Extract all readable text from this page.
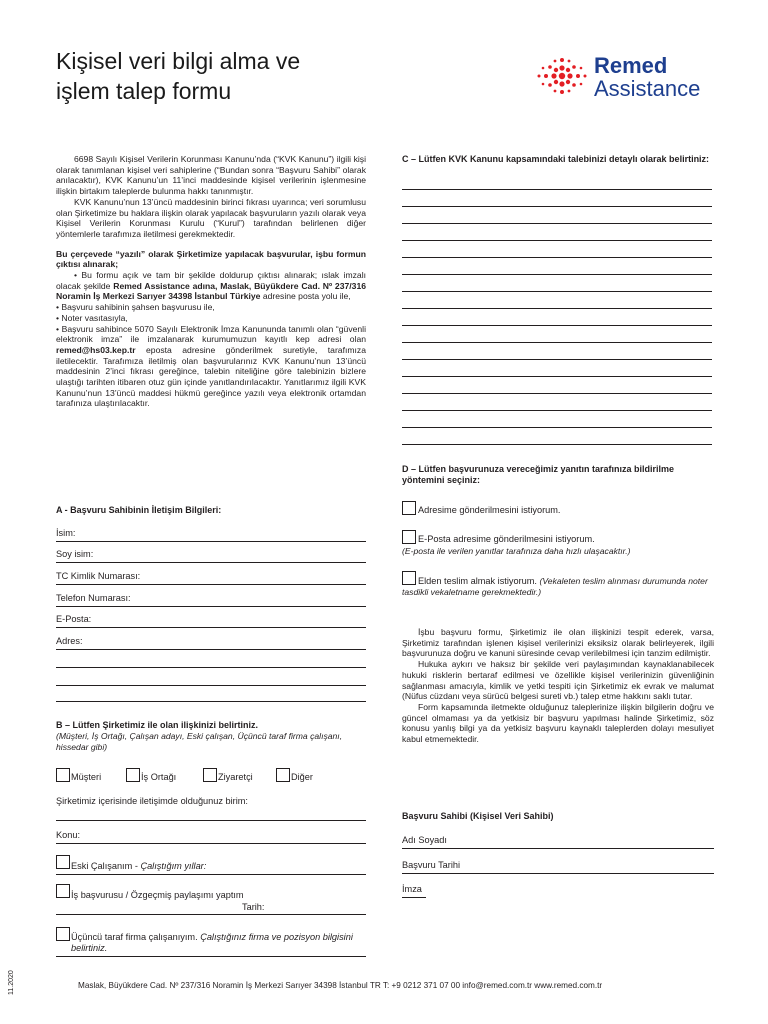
Kişisel veri bilgi alma ve
işlem talep formu
Remed
Assistance

6698 Sayılı Kişisel Verilerin Korunması Kanunu’nda (“KVK Kanunu”) ilgili kişi olarak tanımlanan kişisel veri sahiplerine (“Bundan sonra “Başvuru Sahibi” olarak anılacaktır), KVK Kanunu’un 11’inci maddesinde kişisel verilerinin işlenmesine ilişkin birtakım taleplerde bulunma hakkı tanınmıştır.

KVK Kanunu’nun 13’üncü maddesinin birinci fıkrası uyarınca; veri sorumlusu olan Şirketimize bu haklara ilişkin olarak yapılacak başvuruların yazılı olarak veya Kişisel Verilerin Korunması Kurulu (“Kurul”) tarafından belirlenen diğer yöntemlerle tarafımıza iletilmesi gerekmektedir.

Bu çerçevede “yazılı” olarak Şirketimize yapılacak başvurular, işbu formun çıktısı alınarak;

• Bu formu açık ve tam bir şekilde doldurup çıktısı alınarak; ıslak imzalı olacak şekilde Remed Assistance adına, Maslak, Büyükdere Cad. Nº 237/316 Noramin İş Merkezi Sarıyer 34398 İstanbul Türkiye adresine posta yolu ile,

• Başvuru sahibinin şahsen başvurusu ile,

• Noter vasıtasıyla,

• Başvuru sahibince 5070 Sayılı Elektronik İmza Kanununda tanımlı olan “güvenli elektronik imza” ile imzalanarak kurumumuzun kayıtlı kep adresi olan remed@hs03.kep.tr eposta adresine gönderilmek suretiyle, tarafımıza iletilecektir. Tarafımıza iletilmiş olan başvurularınız KVK Kanunu’nun 13’üncü maddesinin 2’inci fıkrası gereğince, talebin niteliğine göre talebinizin bizlere ulaştığı tarihten itibaren otuz gün içinde yanıtlandırılacaktır. Yanıtlarımız ilgili KVK Kanunu’nun 13’üncü maddesi hükmü gereğince yazılı veya elektronik ortamdan tarafınıza ulaştırılacaktır.

A - Başvuru Sahibinin İletişim Bilgileri:
İsim:
Soy isim:
TC Kimlik Numarası:
Telefon Numarası:
E-Posta:
Adres:
B – Lütfen Şirketimiz ile olan ilişkinizi belirtiniz.
(Müşteri, İş Ortağı, Çalışan adayı, Eski çalışan, Üçüncü taraf firma çalışanı, hissedar gibi)
Müşteri	İş Ortağı	Ziyaretçi	Diğer
Şirketimiz içerisinde iletişimde olduğunuz birim:
Konu:
Eski Çalışanım - Çalıştığım yıllar:
İş başvurusu / Özgeçmiş paylaşımı yaptım
Tarih:
Üçüncü taraf firma çalışanıyım. Çalıştığınız firma ve pozisyon bilgisini belirtiniz.
C – Lütfen KVK Kanunu kapsamındaki talebinizi detaylı olarak belirtiniz:
D – Lütfen başvurunuza vereceğimiz yanıtın tarafınıza bildirilme yöntemini seçiniz:
Adresime gönderilmesini istiyorum.
E-Posta adresime gönderilmesini istiyorum.
(E-posta ile verilen yanıtlar tarafınıza daha hızlı ulaşacaktır.)
Elden teslim almak istiyorum. (Vekaleten teslim alınması durumunda noter tasdikli vekaletname gerekmektedir.)

İşbu başvuru formu, Şirketimiz ile olan ilişkinizi tespit ederek, varsa, Şirketimiz tarafından işlenen kişisel verilerinizi eksiksiz olarak belirleyerek, ilgili başvurunuza doğru ve kanuni süresinde cevap verilebilmesi için tanzim edilmiştir.

Hukuka aykırı ve haksız bir şekilde veri paylaşımından kaynaklanabilecek hukuki risklerin bertaraf edilmesi ve özellikle kişisel verilerinizin güvenliğinin sağlanması amacıyla, kimlik ve yetki tespiti için Şirketimiz ek evrak ve malumat (Nüfus cüzdanı veya sürücü belgesi sureti vb.) talep etme hakkını saklı tutar.

Form kapsamında iletmekte olduğunuz taleplerinize ilişkin bilgilerin doğru ve güncel olmaması ya da yetkisiz bir başvuru yapılması halinde Şirketimiz, söz konusu yanlış bilgi ya da yetkisiz başvuru kaynaklı taleplerden dolayı mesuliyet kabul etmemektedir.

Başvuru Sahibi (Kişisel Veri Sahibi)
Adı Soyadı
Başvuru Tarihi
İmza
Maslak, Büyükdere Cad. Nº 237/316 Noramin İş Merkezi Sarıyer 34398 İstanbul TR T: +9 0212 371 07 00 info@remed.com.tr www.remed.com.tr
11.2020
